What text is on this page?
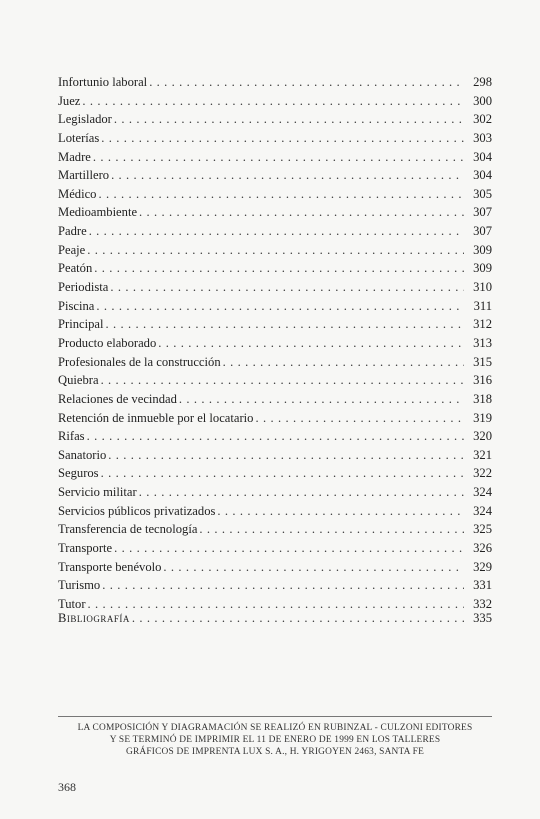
Infortunio laboral . . .	298
Juez . . .	300
Legislador . . .	302
Loterías . . .	303
Madre . . .	304
Martillero . . .	304
Médico . . .	305
Medioambiente . . .	307
Padre . . .	307
Peaje . . .	309
Peatón . . .	309
Periodista . . .	310
Piscina . . .	311
Principal . . .	312
Producto elaborado . . .	313
Profesionales de la construcción . . .	315
Quiebra . . .	316
Relaciones de vecindad . . .	318
Retención de inmueble por el locatario . . .	319
Rifas . . .	320
Sanatorio . . .	321
Seguros . . .	322
Servicio militar . . .	324
Servicios públicos privatizados . . .	324
Transferencia de tecnología . . .	325
Transporte . . .	326
Transporte benévolo . . .	329
Turismo . . .	331
Tutor . . .	332
Bibliografía . . .	335
LA COMPOSICIÓN Y DIAGRAMACIÓN SE REALIZÓ EN RUBINZAL - CULZONI EDITORES
Y SE TERMINÓ DE IMPRIMIR EL 11 DE ENERO DE 1999 EN LOS TALLERES
GRÁFICOS DE IMPRENTA LUX S. A., H. YRIGOYEN 2463, SANTA FE
368
